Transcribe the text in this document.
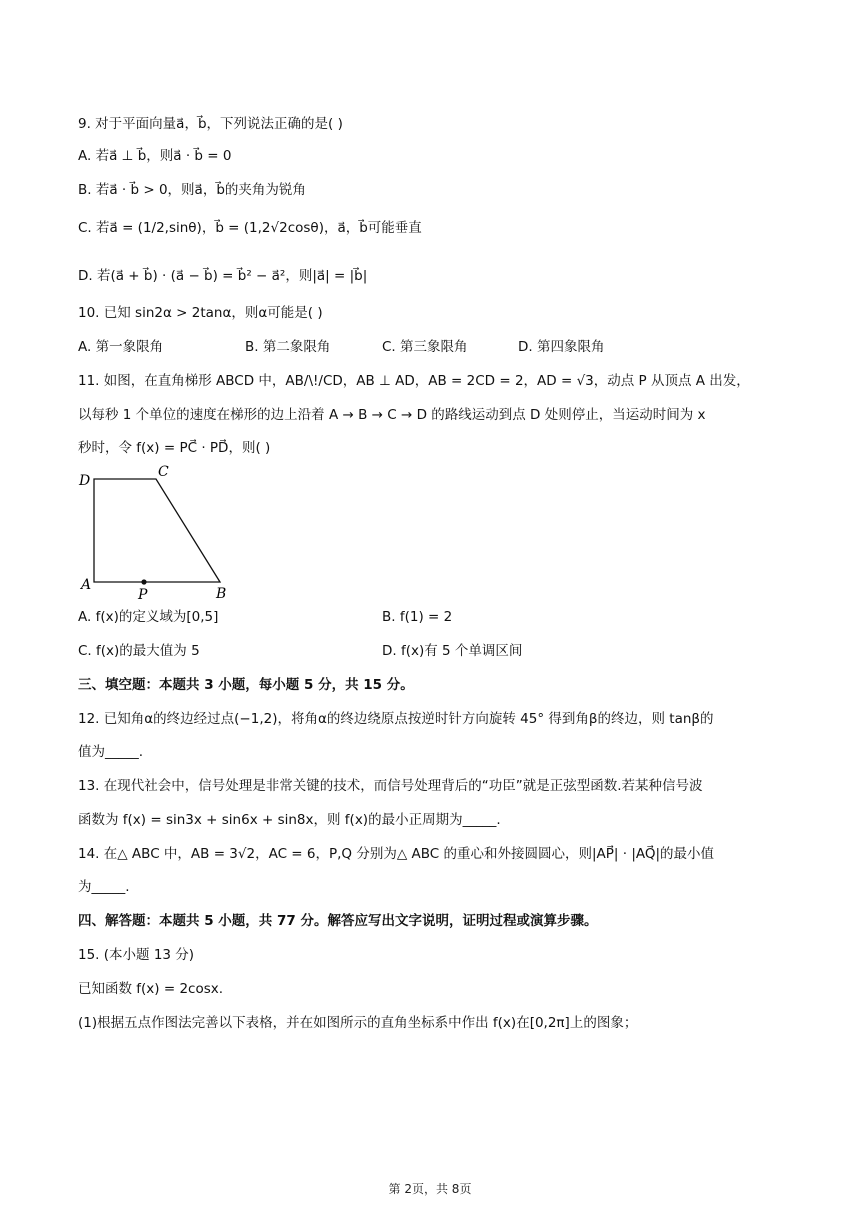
9. 对于平面向量a⃗，b⃗，下列说法正确的是( )
A. 若a⃗ ⊥ b⃗，则a⃗ · b⃗ = 0
B. 若a⃗ · b⃗ > 0，则a⃗，b⃗的夹角为锐角
C. 若a⃗ = (1/2,sinθ)，b⃗ = (1,2√2cosθ)，a⃗，b⃗可能垂直
D. 若(a⃗ + b⃗) · (a⃗ − b⃗) = b⃗² − a⃗²，则|a⃗| = |b⃗|
10. 已知 sin2α > 2tanα，则α可能是( )
A. 第一象限角	B. 第二象限角	C. 第三象限角	D. 第四象限角
11. 如图，在直角梯形 ABCD 中，AB/\!/CD，AB ⊥ AD，AB = 2CD = 2，AD = √3，动点 P 从顶点 A 出发，
以每秒 1 个单位的速度在梯形的边上沿着 A → B → C → D 的路线运动到点 D 处则停止，当运动时间为 x
秒时，令 f(x) = PC⃗ · PD⃗，则( )
D
C
A
P	B
A. f(x)的定义域为[0,5]	B. f(1) = 2
C. f(x)的最大值为 5	D. f(x)有 5 个单调区间
三、填空题：本题共 3 小题，每小题 5 分，共 15 分。
12. 已知角α的终边经过点(−1,2)，将角α的终边绕原点按逆时针方向旋转 45° 得到角β的终边，则 tanβ的
值为_____.
13. 在现代社会中，信号处理是非常关键的技术，而信号处理背后的“功臣”就是正弦型函数.若某种信号波
函数为 f(x) = sin3x + sin6x + sin8x，则 f(x)的最小正周期为_____.
14. 在△ ABC 中，AB = 3√2，AC = 6，P,Q 分别为△ ABC 的重心和外接圆圆心，则|AP⃗| · |AQ⃗|的最小值
为_____.
四、解答题：本题共 5 小题，共 77 分。解答应写出文字说明，证明过程或演算步骤。
15. (本小题 13 分)
已知函数 f(x) = 2cosx.
(1)根据五点作图法完善以下表格，并在如图所示的直角坐标系中作出 f(x)在[0,2π]上的图象；
第 2页，共 8页
